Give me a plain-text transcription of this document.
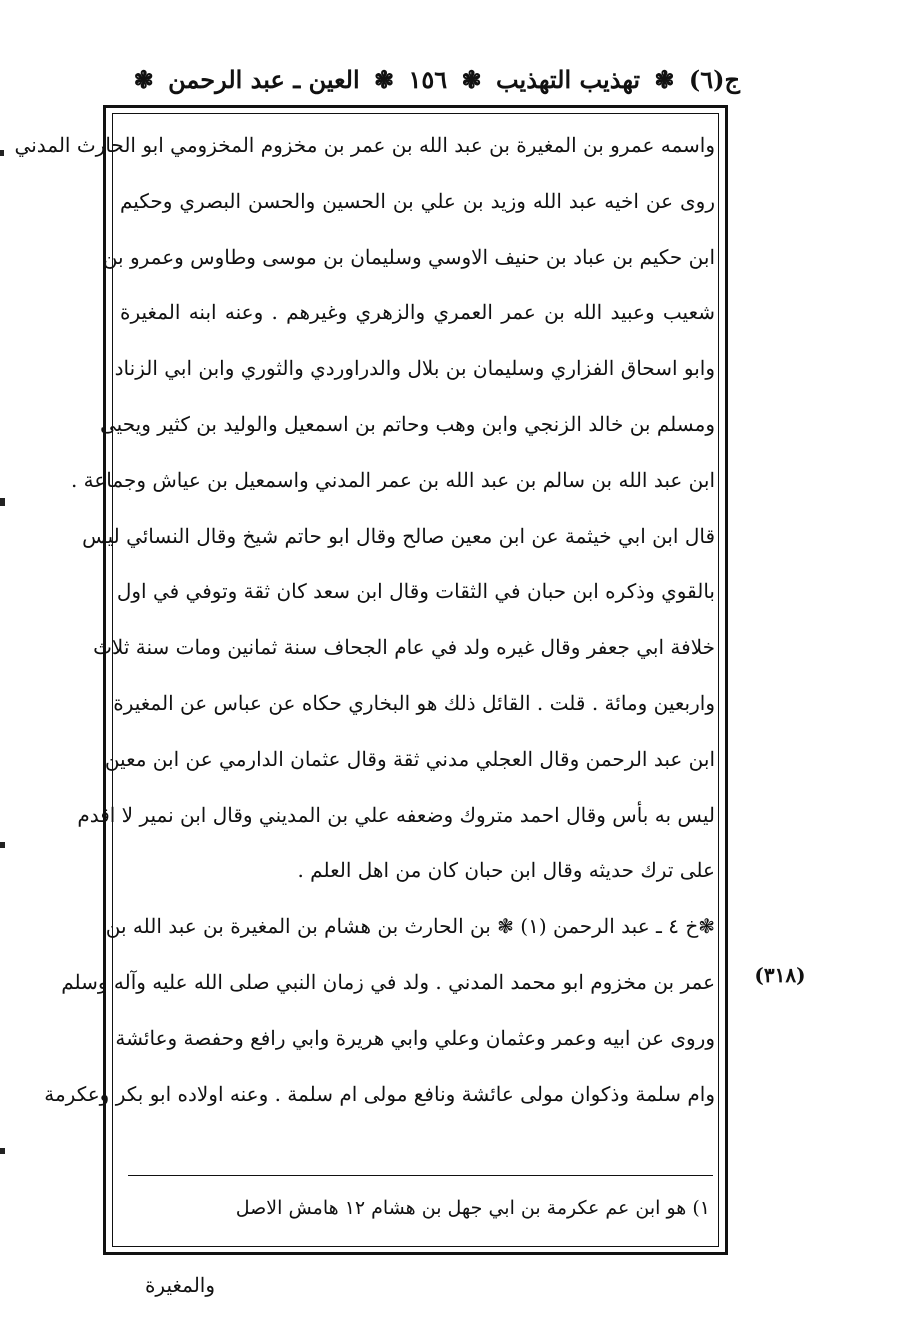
ج(٦) ❃ تهذيب التهذيب ❃ ١٥٦ ❃ العين ـ عبد الرحمن ❃
واسمه عمرو بن المغيرة بن عبد الله بن عمر بن مخزوم المخزومي ابو الحارث المدني
روى عن اخيه عبد الله وزيد بن علي بن الحسين والحسن البصري وحكيم
ابن حكيم بن عباد بن حنيف الاوسي وسليمان بن موسى وطاوس وعمرو بن
شعيب وعبيد الله بن عمر العمري والزهري وغيرهم . وعنه ابنه المغيرة
وابو اسحاق الفزاري وسليمان بن بلال والدراوردي والثوري وابن ابي الزناد
ومسلم بن خالد الزنجي وابن وهب وحاتم بن اسمعيل والوليد بن كثير ويحيى
ابن عبد الله بن سالم بن عبد الله بن عمر المدني واسمعيل بن عياش وجماعة .
قال ابن ابي خيثمة عن ابن معين صالح وقال ابو حاتم شيخ وقال النسائي ليس
بالقوي وذكره ابن حبان في الثقات وقال ابن سعد كان ثقة وتوفي في اول
خلافة ابي جعفر وقال غيره ولد في عام الجحاف سنة ثمانين ومات سنة ثلاث
واربعين ومائة . قلت . القائل ذلك هو البخاري حكاه عن عباس عن المغيرة
ابن عبد الرحمن وقال العجلي مدني ثقة وقال عثمان الدارمي عن ابن معين
ليس به بأس وقال احمد متروك وضعفه علي بن المديني وقال ابن نمير لا اقدم
على ترك حديثه وقال ابن حبان كان من اهل العلم .
❃خ ٤ ـ عبد الرحمن (١) ❃ بن الحارث بن هشام بن المغيرة بن عبد الله بن
عمر بن مخزوم ابو محمد المدني . ولد في زمان النبي صلى الله عليه وآله وسلم
وروى عن ابيه وعمر وعثمان وعلي وابي هريرة وابي رافع وحفصة وعائشة
وام سلمة وذكوان مولى عائشة ونافع مولى ام سلمة . وعنه اولاده ابو بكر وعكرمة
١) هو ابن عم عكرمة بن ابي جهل بن هشام ١٢ هامش الاصل
(٣١٨)
والمغيرة
